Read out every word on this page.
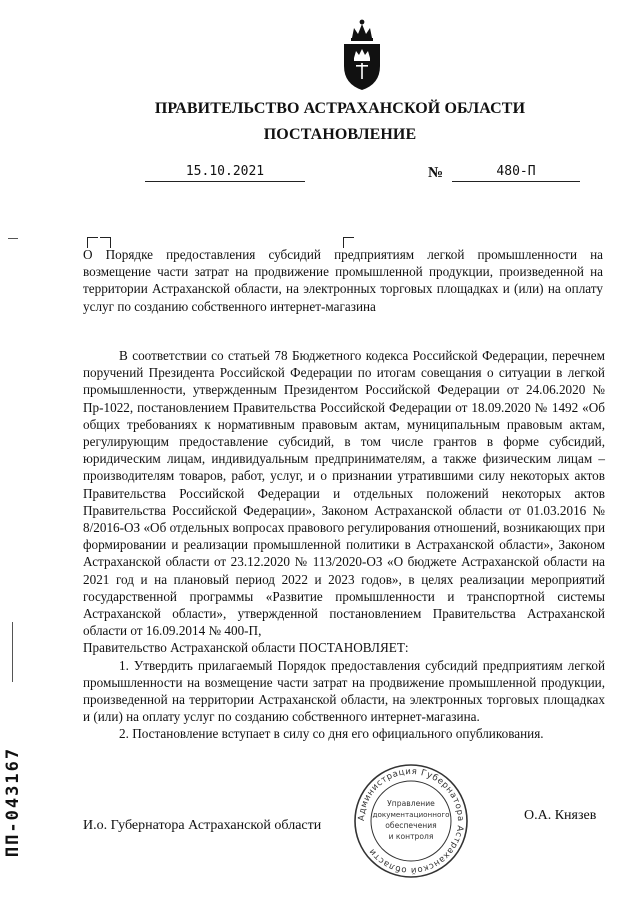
ПРАВИТЕЛЬСТВО АСТРАХАНСКОЙ ОБЛАСТИ
ПОСТАНОВЛЕНИЕ
15.10.2021	№	480-П
О Порядке предоставления субсидий предприятиям легкой промышленности на возмещение части затрат на продвижение промышленной продукции, произведенной на территории Астраханской области, на электронных торговых площадках и (или) на оплату услуг по созданию собственного интернет-магазина

В соответствии со статьей 78 Бюджетного кодекса Российской Федерации, перечнем поручений Президента Российской Федерации по итогам совещания о ситуации в легкой промышленности, утвержденным Президентом Российской Федерации от 24.06.2020 № Пр-1022, постановлением Правительства Российской Федерации от 18.09.2020 № 1492 «Об общих требованиях к нормативным правовым актам, муниципальным правовым актам, регулирующим предоставление субсидий, в том числе грантов в форме субсидий, юридическим лицам, индивидуальным предпринимателям, а также физическим лицам – производителям товаров, работ, услуг, и о признании утратившими силу некоторых актов Правительства Российской Федерации и отдельных положений некоторых актов Правительства Российской Федерации», Законом Астраханской области от 01.03.2016 № 8/2016-ОЗ «Об отдельных вопросах правового регулирования отношений, возникающих при формировании и реализации промышленной политики в Астраханской области», Законом Астраханской области от 23.12.2020 № 113/2020-ОЗ «О бюджете Астраханской области на 2021 год и на плановый период 2022 и 2023 годов», в целях реализации мероприятий государственной программы «Развитие промышленности и транспортной системы Астраханской области», утвержденной постановлением Правительства Астраханской области от 16.09.2014 № 400-П,

Правительство Астраханской области ПОСТАНОВЛЯЕТ:

1. Утвердить прилагаемый Порядок предоставления субсидий предприятиям легкой промышленности на возмещение части затрат на продвижение промышленной продукции, произведенной на территории Астраханской области, на электронных торговых площадках и (или) на оплату услуг по созданию собственного интернет-магазина.

2. Постановление вступает в силу со дня его официального опубликования.

И.о. Губернатора Астраханской области
О.А. Князев
Администрация Губернатора Астраханской области
Управление
документационного
обеспечения
и контроля
ПП-043167
